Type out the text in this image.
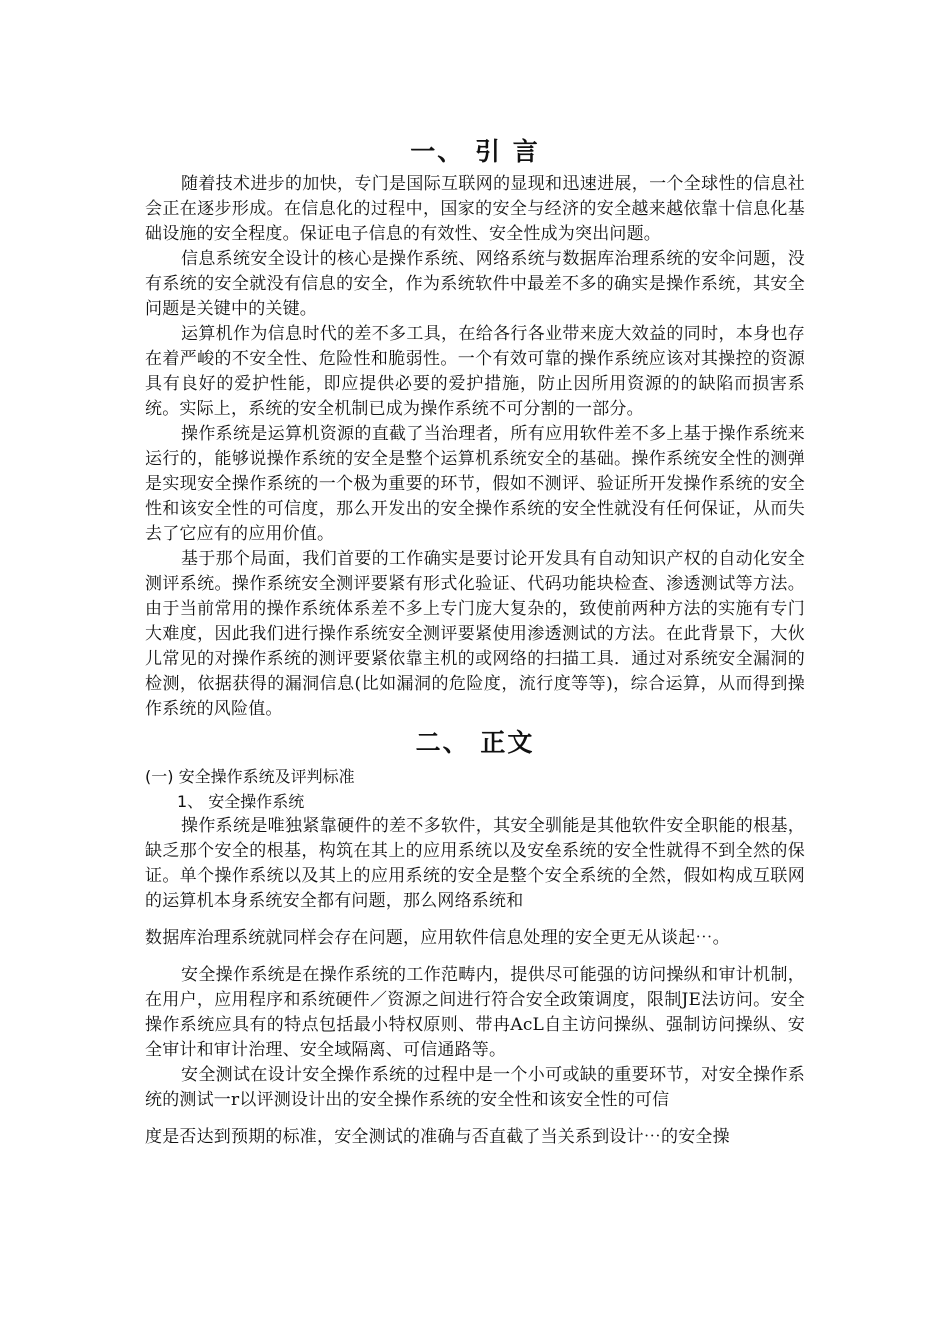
一、 引 言

随着技术进步的加快，专门是国际互联网的显现和迅速进展，一个全球性的信息社会正在逐步形成。在信息化的过程中，国家的安全与经济的安全越来越依靠十信息化基础设施的安全程度。保证电子信息的有效性、安全性成为突出问题。

信息系统安全设计的核心是操作系统、网络系统与数据库治理系统的安伞问题，没有系统的安全就没有信息的安全，作为系统软件中最差不多的确实是操作系统，其安全问题是关键中的关键。

运算机作为信息时代的差不多工具，在给各行各业带来庞大效益的同时，本身也存在着严峻的不安全性、危险性和脆弱性。一个有效可靠的操作系统应该对其操控的资源具有良好的爱护性能，即应提供必要的爱护措施，防止因所用资源的的缺陷而损害系统。实际上，系统的安全机制已成为操作系统不可分割的一部分。

操作系统是运算机资源的直截了当治理者，所有应用软件差不多上基于操作系统来运行的，能够说操作系统的安全是整个运算机系统安全的基础。操作系统安全性的测弹是实现安全操作系统的一个极为重要的环节，假如不测评、验证所开发操作系统的安全性和该安全性的可信度，那么开发出的安全操作系统的安全性就没有任何保证，从而失去了它应有的应用价值。

基于那个局面，我们首要的工作确实是要讨论开发具有自动知识产权的自动化安全测评系统。操作系统安全测评要紧有形式化验证、代码功能块检查、渗透测试等方法。由于当前常用的操作系统体系差不多上专门庞大复杂的，致使前两种方法的实施有专门大难度，因此我们进行操作系统安全测评要紧使用渗透测试的方法。在此背景下，大伙儿常见的对操作系统的测评要紧依靠主机的或网络的扫描工具．通过对系统安全漏洞的检测，依据获得的漏洞信息(比如漏洞的危险度，流行度等等)，综合运算，从而得到操作系统的风险值。

二、 正文
(一) 安全操作系统及评判标准
1、 安全操作系统

操作系统是唯独紧靠硬件的差不多软件，其安全驯能是其他软件安全职能的根基，缺乏那个安全的根基，构筑在其上的应用系统以及安垒系统的安全性就得不到全然的保证。单个操作系统以及其上的应用系统的安全是整个安全系统的全然，假如构成互联网的运算机本身系统安全都有问题，那么网络系统和

数据库治理系统就同样会存在问题，应用软件信息处理的安全更无从谈起⋯。

安全操作系统是在操作系统的工作范畴内，提供尽可能强的访问操纵和审计机制，在用户，应用程序和系统硬件／资源之间进行符合安全政策调度，限制JE法访问。安全操作系统应具有的特点包括最小特权原则、带冉AcL自主访问操纵、强制访问操纵、安全审计和审计治理、安全域隔离、可信通路等。

安全测试在设计安全操作系统的过程中是一个小可或缺的重要环节，对安全操作系统的测试一r以评测设计出的安全操作系统的安全性和该安全性的可信

度是否达到预期的标准，安全测试的准确与否直截了当关系到设计⋯的安全操
